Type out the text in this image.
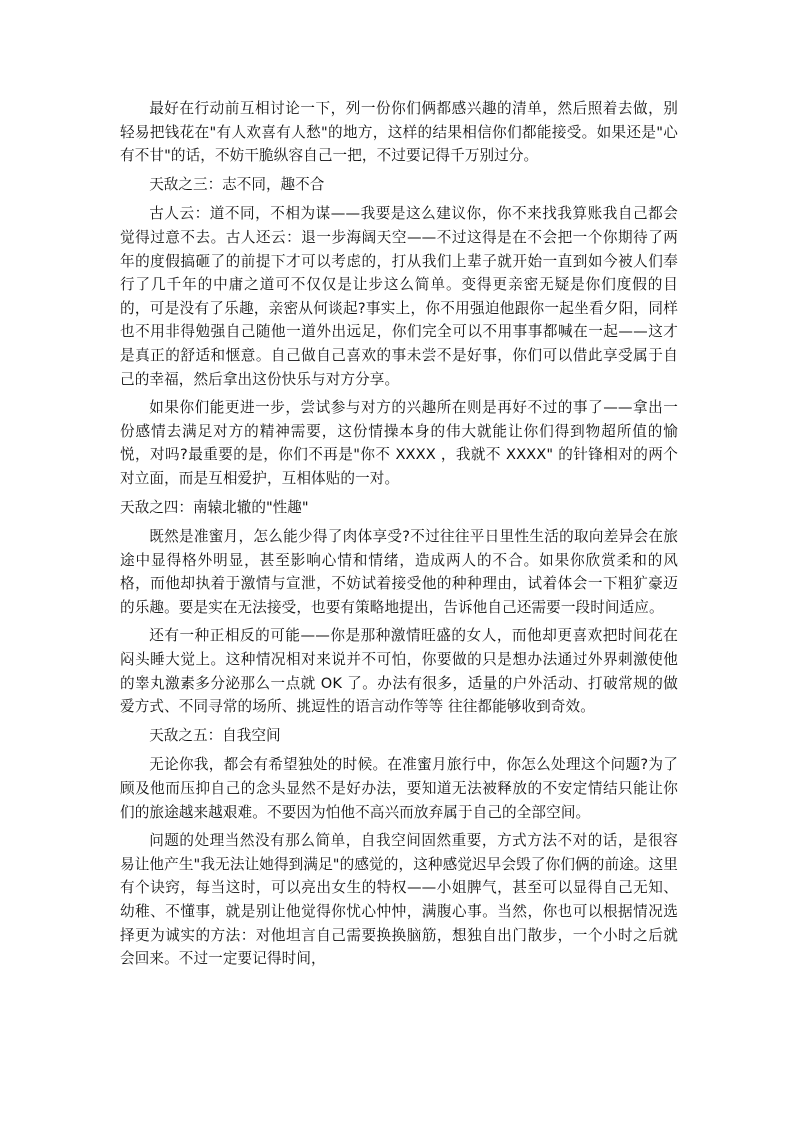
最好在行动前互相讨论一下，列一份你们俩都感兴趣的清单，然后照着去做，别轻易把钱花在"有人欢喜有人愁"的地方，这样的结果相信你们都能接受。如果还是"心有不甘"的话，不妨干脆纵容自己一把，不过要记得千万别过分。

天敌之三：志不同，趣不合

古人云：道不同，不相为谋——我要是这么建议你，你不来找我算账我自己都会觉得过意不去。古人还云：退一步海阔天空——不过这得是在不会把一个你期待了两年的度假搞砸了的前提下才可以考虑的，打从我们上辈子就开始一直到如今被人们奉行了几千年的中庸之道可不仅仅是让步这么简单。变得更亲密无疑是你们度假的目的，可是没有了乐趣，亲密从何谈起?事实上，你不用强迫他跟你一起坐看夕阳，同样也不用非得勉强自己随他一道外出远足，你们完全可以不用事事都喊在一起——这才是真正的舒适和惬意。自己做自己喜欢的事未尝不是好事，你们可以借此享受属于自己的幸福，然后拿出这份快乐与对方分享。

如果你们能更进一步，尝试参与对方的兴趣所在则是再好不过的事了——拿出一份感情去满足对方的精神需要，这份情操本身的伟大就能让你们得到物超所值的愉悦，对吗?最重要的是，你们不再是"你不 XXXX ，我就不 XXXX" 的针锋相对的两个对立面，而是互相爱护，互相体贴的一对。

天敌之四：南辕北辙的"性趣"

既然是准蜜月，怎么能少得了肉体享受?不过往往平日里性生活的取向差异会在旅途中显得格外明显，甚至影响心情和情绪，造成两人的不合。如果你欣赏柔和的风格，而他却执着于激情与宣泄，不妨试着接受他的种种理由，试着体会一下粗犷豪迈的乐趣。要是实在无法接受，也要有策略地提出，告诉他自己还需要一段时间适应。

还有一种正相反的可能——你是那种激情旺盛的女人，而他却更喜欢把时间花在闷头睡大觉上。这种情况相对来说并不可怕，你要做的只是想办法通过外界刺激使他的睾丸激素多分泌那么一点就 OK 了。办法有很多，适量的户外活动、打破常规的做爱方式、不同寻常的场所、挑逗性的语言动作等等 往往都能够收到奇效。

天敌之五：自我空间

无论你我，都会有希望独处的时候。在准蜜月旅行中，你怎么处理这个问题?为了顾及他而压抑自己的念头显然不是好办法，要知道无法被释放的不安定情结只能让你们的旅途越来越艰难。不要因为怕他不高兴而放弃属于自己的全部空间。

问题的处理当然没有那么简单，自我空间固然重要，方式方法不对的话，是很容易让他产生"我无法让她得到满足"的感觉的，这种感觉迟早会毁了你们俩的前途。这里有个诀窍，每当这时，可以亮出女生的特权——小姐脾气，甚至可以显得自己无知、幼稚、不懂事，就是别让他觉得你忧心忡忡，满腹心事。当然，你也可以根据情况选择更为诚实的方法：对他坦言自己需要换换脑筋，想独自出门散步，一个小时之后就会回来。不过一定要记得时间，
